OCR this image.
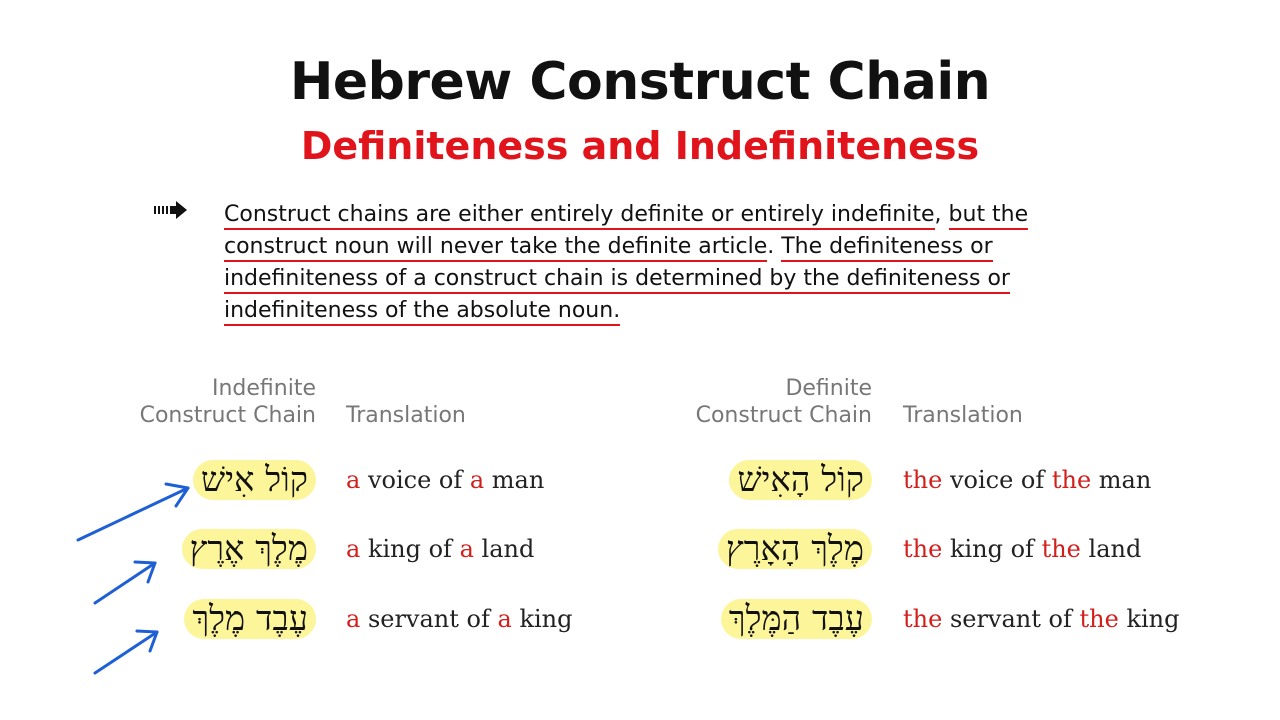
Hebrew Construct Chain
Definiteness and Indefiniteness
Construct chains are either entirely definite or entirely indefinite, but the
construct noun will never take the definite article. The definiteness or
indefiniteness of a construct chain is determined by the definiteness or
indefiniteness of the absolute noun.
Indefinite
Construct Chain Translation
Definite
Construct Chain Translation
קוֹל אִישׁ	a voice of a man
מֶלֶךְ אֶרֶץ	a king of a land
עֶבֶד מֶלֶךְ	a servant of a king
קוֹל הָאִישׁ	the voice of the man
מֶלֶךְ הָאָרֶץ	the king of the land
עֶבֶד הַמֶּלֶךְ	the servant of the king
